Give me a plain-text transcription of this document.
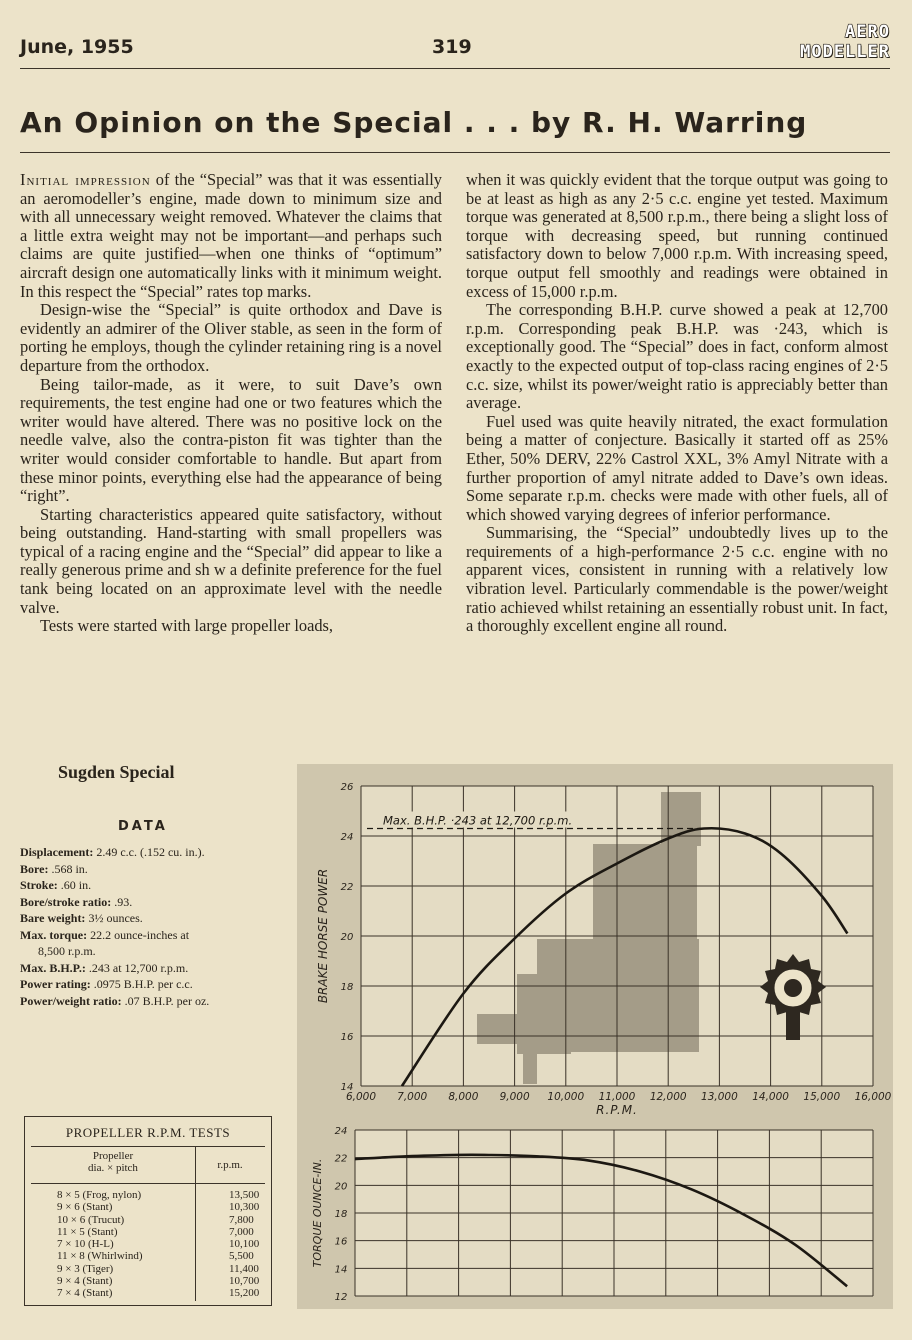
June, 1955	319
AERO
MODELLER
An Opinion on the Special . . . by R. H. Warring

Initial impression of the “Special” was that it was essentially an aeromodeller’s engine, made down to minimum size and with all unnecessary weight removed. Whatever the claims that a little extra weight may not be important—and perhaps such claims are quite justified—when one thinks of “optimum” aircraft design one automatically links with it minimum weight. In this respect the “Special” rates top marks.

Design-wise the “Special” is quite orthodox and Dave is evidently an admirer of the Oliver stable, as seen in the form of porting he employs, though the cylinder retaining ring is a novel departure from the orthodox.

Being tailor-made, as it were, to suit Dave’s own requirements, the test engine had one or two features which the writer would have altered. There was no positive lock on the needle valve, also the contra-piston fit was tighter than the writer would consider comfortable to handle. But apart from these minor points, everything else had the appearance of being “right”.

Starting characteristics appeared quite satisfactory, without being outstanding. Hand-starting with small propellers was typical of a racing engine and the “Special” did appear to like a really generous prime and sh w a definite preference for the fuel tank being located on an approximate level with the needle valve.

Tests were started with large propeller loads,

when it was quickly evident that the torque output was going to be at least as high as any 2·5 c.c. engine yet tested. Maximum torque was generated at 8,500 r.p.m., there being a slight loss of torque with decreasing speed, but running continued satisfactory down to below 7,000 r.p.m. With increasing speed, torque output fell smoothly and readings were obtained in excess of 15,000 r.p.m.

The corresponding B.H.P. curve showed a peak at 12,700 r.p.m. Corresponding peak B.H.P. was ·243, which is exceptionally good. The “Special” does in fact, conform almost exactly to the expected output of top-class racing engines of 2·5 c.c. size, whilst its power/weight ratio is appreciably better than average.

Fuel used was quite heavily nitrated, the exact formulation being a matter of conjecture. Basically it started off as 25% Ether, 50% DERV, 22% Castrol XXL, 3% Amyl Nitrate with a further proportion of amyl nitrate added to Dave’s own ideas. Some separate r.p.m. checks were made with other fuels, all of which showed varying degrees of inferior performance.

Summarising, the “Special” undoubtedly lives up to the requirements of a high-performance 2·5 c.c. engine with no apparent vices, consistent in running with a relatively low vibration level. Particularly commendable is the power/weight ratio achieved whilst retaining an essentially robust unit. In fact, a thoroughly excellent engine all round.

Sugden Special
DATA
Displacement: 2.49 c.c. (.152 cu. in.).
Bore: .568 in.
Stroke: .60 in.
Bore/stroke ratio: .93.
Bare weight: 3½ ounces.
Max. torque: 22.2 ounce-inches at
8,500 r.p.m.
Max. B.H.P.: .243 at 12,700 r.p.m.
Power rating: .0975 B.H.P. per c.c.
Power/weight ratio: .07 B.H.P. per oz.
PROPELLER R.P.M. TESTS
Propeller
dia. × pitch	r.p.m.
8 × 5 (Frog, nylon)	13,500
9 × 6 (Stant)	10,300
10 × 6 (Trucut)	7,800
11 × 5 (Stant)	7,000
7 × 10 (H-L)	10,100
11 × 8 (Whirlwind)	5,500
9 × 3 (Tiger)	11,400
9 × 4 (Stant)	10,700
7 × 4 (Stant)	15,200
14
16
18
20
22
24
26
6,000 7,000 8,000 9,000 10,000 11,000 12,000 13,000 14,000 15,000 16,000
R.P.M.
BRAKE HORSE POWER
Max. B.H.P. ·243 at 12,700 r.p.m.
12
14
16
18
20
22
24
TORQUE OUNCE-IN.
